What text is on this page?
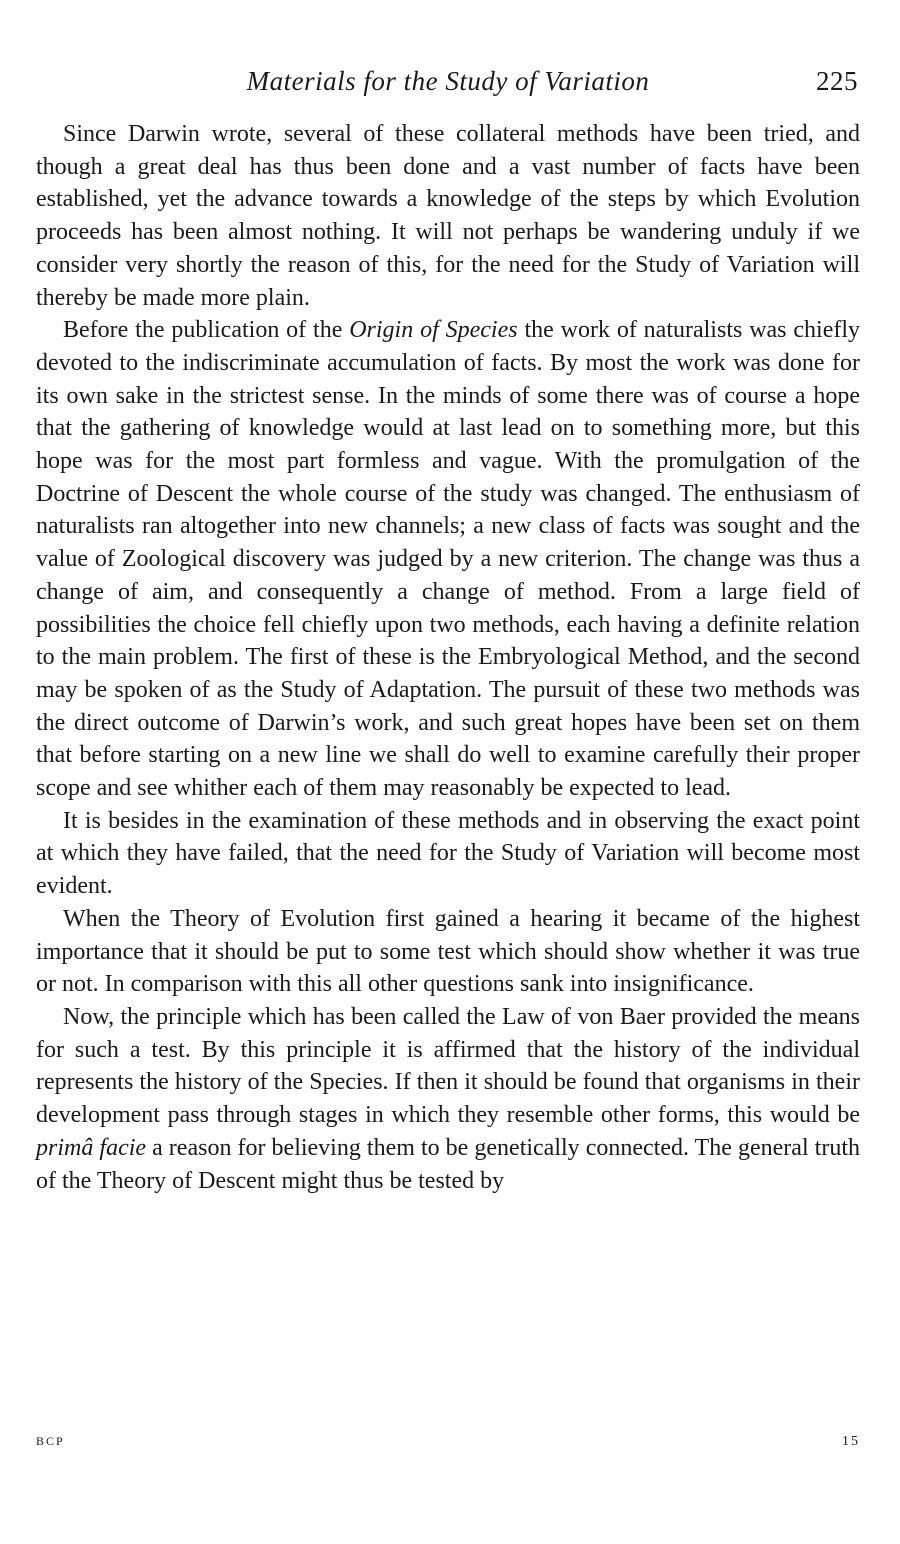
Materials for the Study of Variation	225

Since Darwin wrote, several of these collateral methods have been tried, and though a great deal has thus been done and a vast number of facts have been established, yet the advance towards a knowledge of the steps by which Evolution proceeds has been almost nothing. It will not perhaps be wandering unduly if we consider very shortly the reason of this, for the need for the Study of Variation will thereby be made more plain.

Before the publication of the Origin of Species the work of naturalists was chiefly devoted to the indiscriminate accumulation of facts. By most the work was done for its own sake in the strictest sense. In the minds of some there was of course a hope that the gathering of knowledge would at last lead on to something more, but this hope was for the most part formless and vague. With the promulgation of the Doctrine of Descent the whole course of the study was changed. The enthusiasm of naturalists ran altogether into new channels; a new class of facts was sought and the value of Zoological discovery was judged by a new criterion. The change was thus a change of aim, and consequently a change of method. From a large field of possibilities the choice fell chiefly upon two methods, each having a definite relation to the main problem. The first of these is the Embryological Method, and the second may be spoken of as the Study of Adaptation. The pursuit of these two methods was the direct outcome of Darwin’s work, and such great hopes have been set on them that before starting on a new line we shall do well to examine carefully their proper scope and see whither each of them may reasonably be expected to lead.

It is besides in the examination of these methods and in observing the exact point at which they have failed, that the need for the Study of Variation will become most evident.

When the Theory of Evolution first gained a hearing it became of the highest importance that it should be put to some test which should show whether it was true or not. In comparison with this all other questions sank into insignificance.

Now, the principle which has been called the Law of von Baer provided the means for such a test. By this principle it is affirmed that the history of the individual represents the history of the Species. If then it should be found that organisms in their development pass through stages in which they resemble other forms, this would be primâ facie a reason for believing them to be genetically connected. The general truth of the Theory of Descent might thus be tested by

BCP	15
